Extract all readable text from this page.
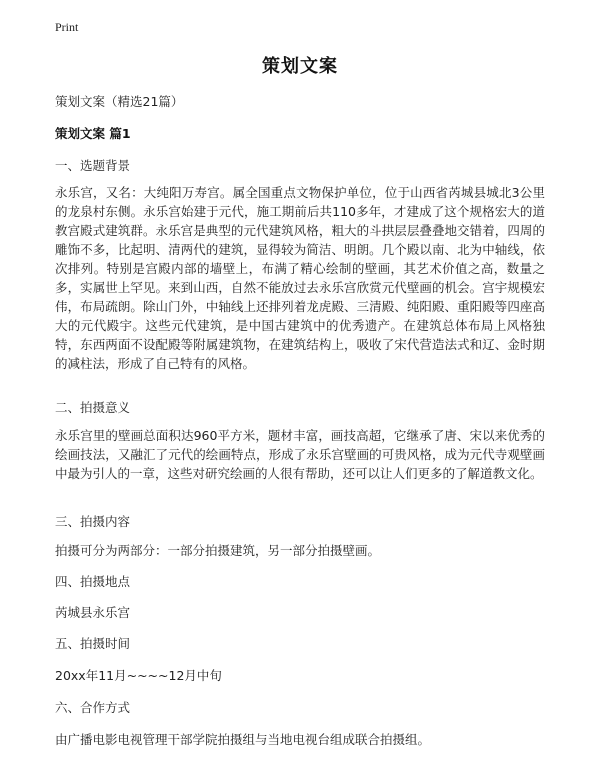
Print
策划文案
策划文案（精选21篇）
策划文案 篇1
一、选题背景
永乐宫，又名：大纯阳万寿宫。属全国重点文物保护单位，位于山西省芮城县城北3公里的龙泉村东侧。永乐宫始建于元代，施工期前后共110多年，才建成了这个规格宏大的道教宫殿式建筑群。永乐宫是典型的元代建筑风格，粗大的斗拱层层叠叠地交错着，四周的雕饰不多，比起明、清两代的建筑，显得较为简洁、明朗。几个殿以南、北为中轴线，依次排列。特别是宫殿内部的墙壁上，布满了精心绘制的壁画，其艺术价值之高，数量之多，实属世上罕见。来到山西，自然不能放过去永乐宫欣赏元代壁画的机会。宫宇规模宏伟，布局疏朗。除山门外，中轴线上还排列着龙虎殿、三清殿、纯阳殿、重阳殿等四座高大的元代殿宇。这些元代建筑，是中国古建筑中的优秀遗产。在建筑总体布局上风格独特，东西两面不设配殿等附属建筑物，在建筑结构上，吸收了宋代营造法式和辽、金时期的减柱法，形成了自己特有的风格。
二、拍摄意义
永乐宫里的壁画总面积达960平方米，题材丰富，画技高超，它继承了唐、宋以来优秀的绘画技法，又融汇了元代的绘画特点，形成了永乐宫壁画的可贵风格，成为元代寺观壁画中最为引人的一章，这些对研究绘画的人很有帮助，还可以让人们更多的了解道教文化。
三、拍摄内容
拍摄可分为两部分：一部分拍摄建筑，另一部分拍摄壁画。
四、拍摄地点
芮城县永乐宫
五、拍摄时间
20xx年11月~~~~12月中旬
六、合作方式
由广播电影电视管理干部学院拍摄组与当地电视台组成联合拍摄组。
